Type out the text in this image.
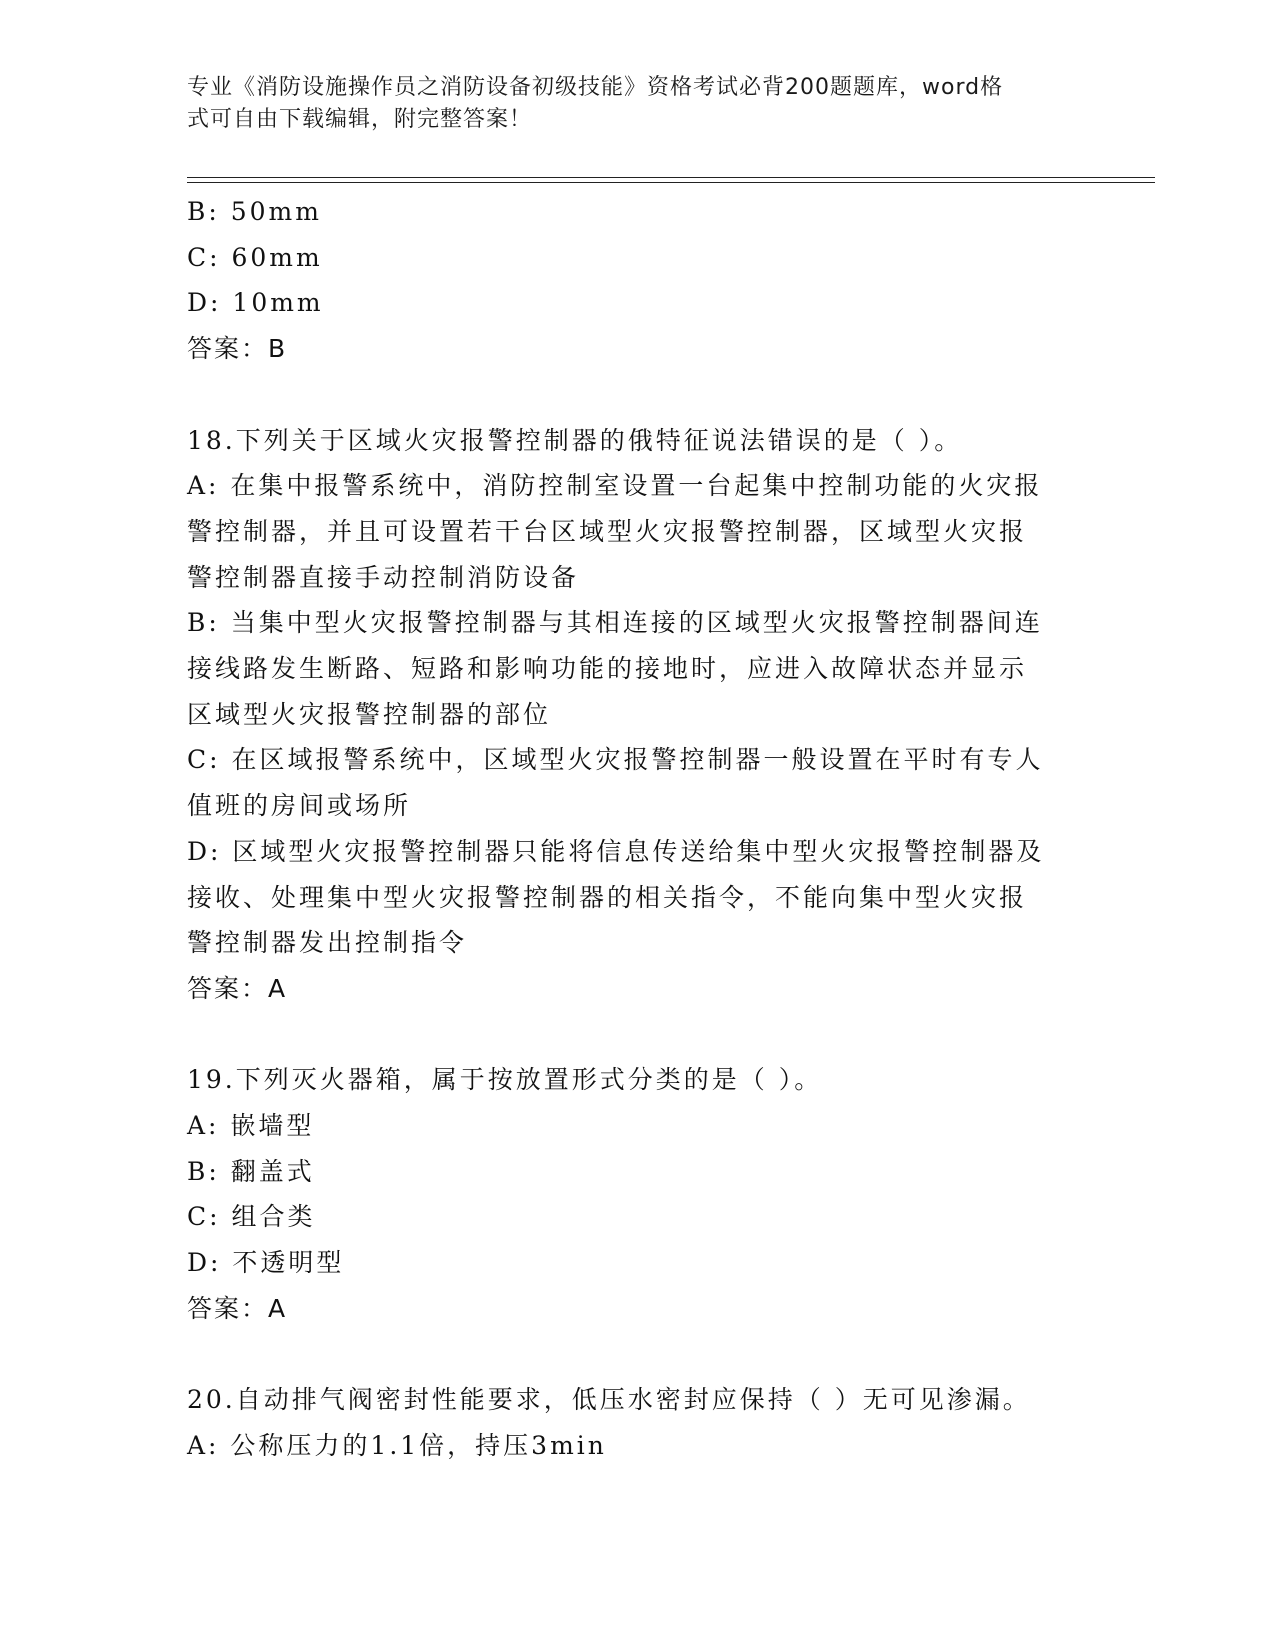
专业《消防设施操作员之消防设备初级技能》资格考试必背200题题库，word格
式可自由下载编辑，附完整答案！
B: 50mm
C: 60mm
D: 10mm
答案：B
18.下列关于区域火灾报警控制器的俄特征说法错误的是（ ）。
A: 在集中报警系统中，消防控制室设置一台起集中控制功能的火灾报
警控制器，并且可设置若干台区域型火灾报警控制器，区域型火灾报
警控制器直接手动控制消防设备
B: 当集中型火灾报警控制器与其相连接的区域型火灾报警控制器间连
接线路发生断路、短路和影响功能的接地时，应进入故障状态并显示
区域型火灾报警控制器的部位
C: 在区域报警系统中，区域型火灾报警控制器一般设置在平时有专人
值班的房间或场所
D: 区域型火灾报警控制器只能将信息传送给集中型火灾报警控制器及
接收、处理集中型火灾报警控制器的相关指令，不能向集中型火灾报
警控制器发出控制指令
答案：A
19.下列灭火器箱，属于按放置形式分类的是（ ）。
A: 嵌墙型
B: 翻盖式
C: 组合类
D: 不透明型
答案：A
20.自动排气阀密封性能要求，低压水密封应保持（ ）无可见渗漏。
A: 公称压力的1.1倍，持压3min
